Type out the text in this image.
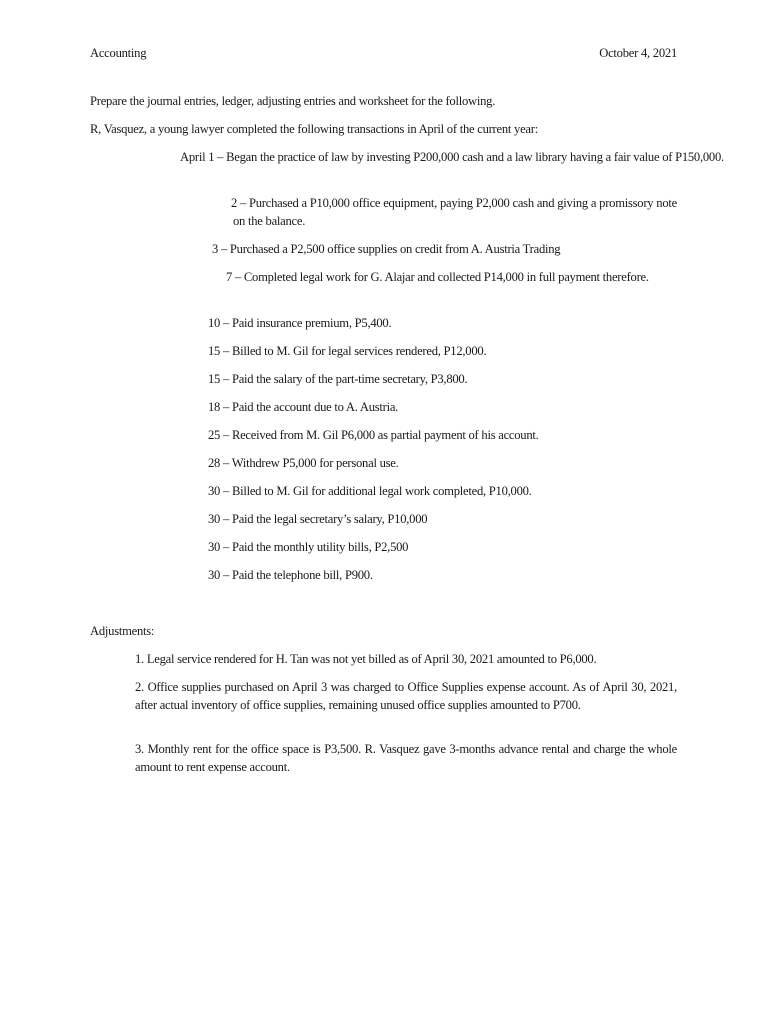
Accounting	October 4, 2021
Prepare the journal entries, ledger, adjusting entries and worksheet for the following.
R, Vasquez, a young lawyer completed the following transactions in April of the current year:
April 1 – Began the practice of law by investing P200,000 cash and a law library having a fair value of P150,000.
2 – Purchased a P10,000 office equipment, paying P2,000 cash and giving a promissory note on the balance.
3 – Purchased a P2,500 office supplies on credit from A. Austria Trading
7 – Completed legal work for G. Alajar and collected P14,000 in full payment therefore.
10 – Paid insurance premium, P5,400.
15 – Billed to M. Gil for legal services rendered, P12,000.
15 – Paid the salary of the part-time secretary, P3,800.
18 – Paid the account due to A. Austria.
25 – Received from M. Gil P6,000 as partial payment of his account.
28 – Withdrew P5,000 for personal use.
30 – Billed to M. Gil for additional legal work completed, P10,000.
30 – Paid the legal secretary’s salary, P10,000
30 – Paid the monthly utility bills, P2,500
30 – Paid the telephone bill, P900.
Adjustments:
1. Legal service rendered for H. Tan was not yet billed as of April 30, 2021 amounted to P6,000.
2. Office supplies purchased on April 3 was charged to Office Supplies expense account. As of April 30, 2021, after actual inventory of office supplies, remaining unused office supplies amounted to P700.
3. Monthly rent for the office space is P3,500. R. Vasquez gave 3-months advance rental and charge the whole amount to rent expense account.
